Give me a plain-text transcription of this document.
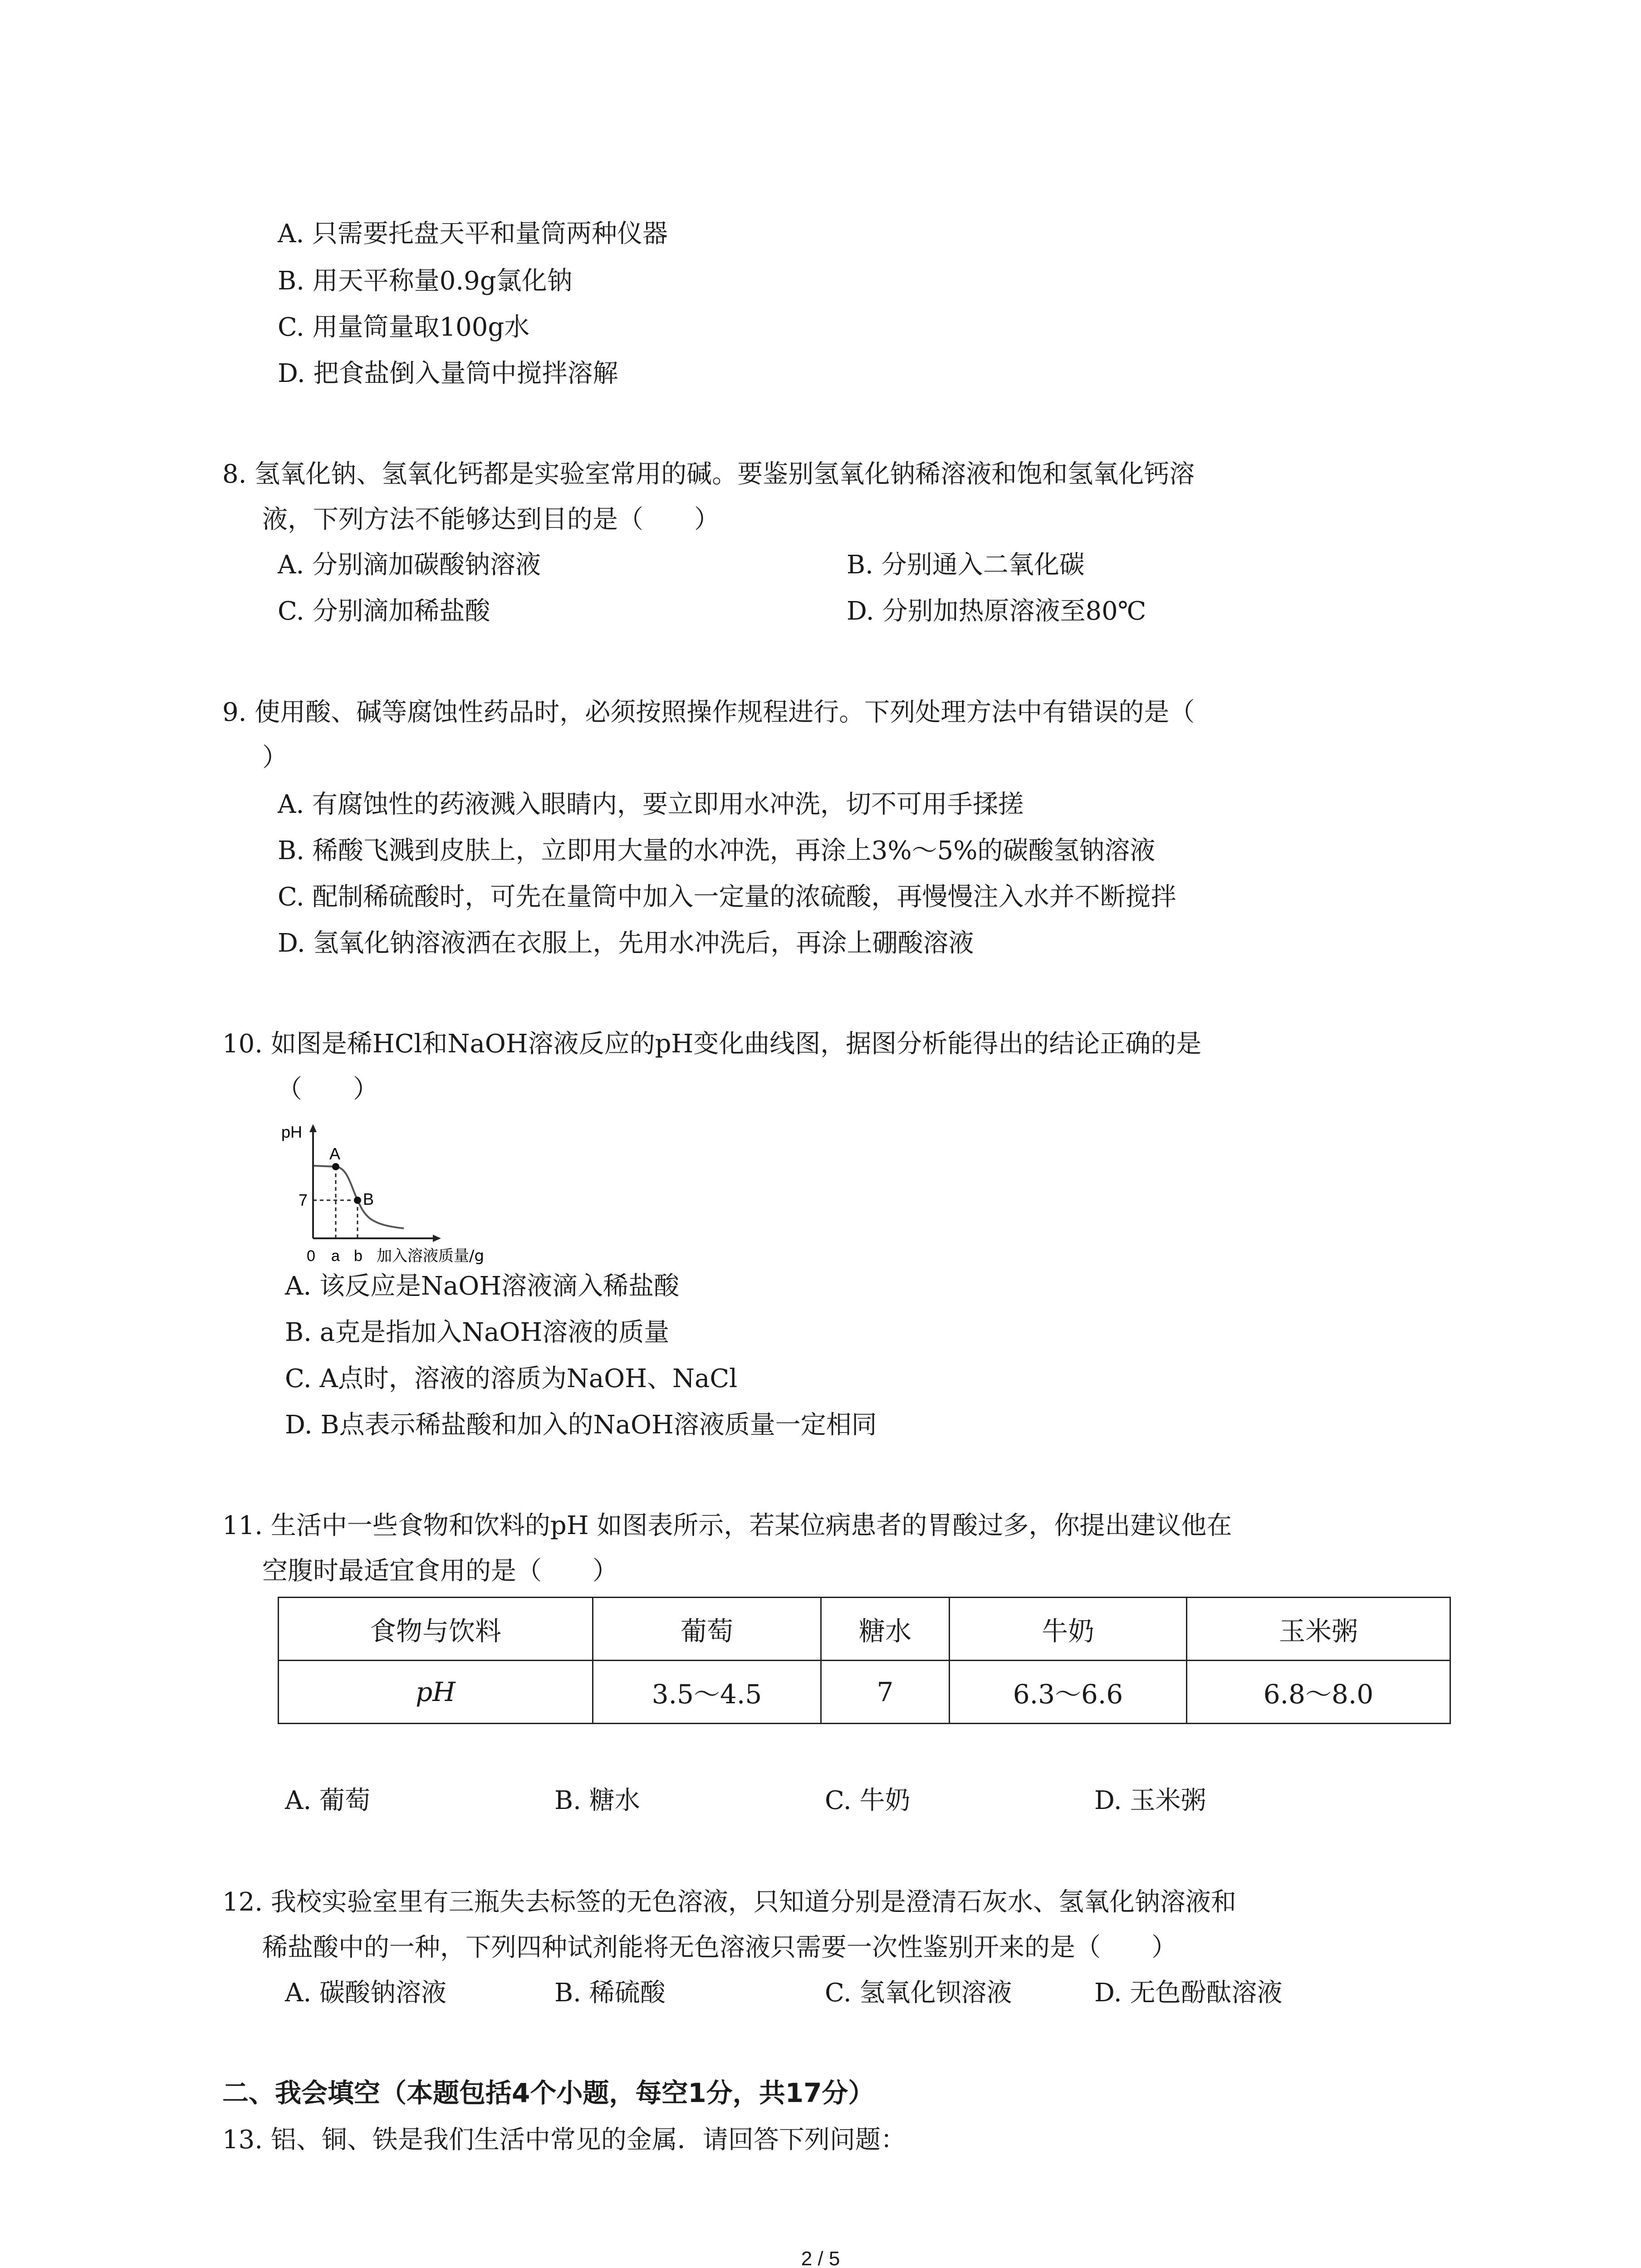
A. 只需要托盘天平和量筒两种仪器
B. 用天平称量0.9g氯化钠
C. 用量筒量取100g水
D. 把食盐倒入量筒中搅拌溶解
8. 氢氧化钠、氢氧化钙都是实验室常用的碱。要鉴别氢氧化钠稀溶液和饱和氢氧化钙溶
液，下列方法不能够达到目的是（　　）
A. 分别滴加碳酸钠溶液	B. 分别通入二氧化碳
C. 分别滴加稀盐酸	D. 分别加热原溶液至80℃
9. 使用酸、碱等腐蚀性药品时，必须按照操作规程进行。下列处理方法中有错误的是（
）
A. 有腐蚀性的药液溅入眼睛内，要立即用水冲洗，切不可用手揉搓
B. 稀酸飞溅到皮肤上，立即用大量的水冲洗，再涂上3%～5%的碳酸氢钠溶液
C. 配制稀硫酸时，可先在量筒中加入一定量的浓硫酸，再慢慢注入水并不断搅拌
D. 氢氧化钠溶液洒在衣服上，先用水冲洗后，再涂上硼酸溶液
10. 如图是稀HCl和NaOH溶液反应的pH变化曲线图，据图分析能得出的结论正确的是
（　　）
pH
A
B
7
0 a b 加入溶液质量/g
A. 该反应是NaOH溶液滴入稀盐酸
B. a克是指加入NaOH溶液的质量
C. A点时，溶液的溶质为NaOH、NaCl
D. B点表示稀盐酸和加入的NaOH溶液质量一定相同
11. 生活中一些食物和饮料的pH 如图表所示，若某位病患者的胃酸过多，你提出建议他在
空腹时最适宜食用的是（　　）
食物与饮料	葡萄	糖水	牛奶	玉米粥
pH	3.5～4.5	7	6.3～6.6	6.8～8.0
A. 葡萄	B. 糖水	C. 牛奶	D. 玉米粥
12. 我校实验室里有三瓶失去标签的无色溶液，只知道分别是澄清石灰水、氢氧化钠溶液和
稀盐酸中的一种，下列四种试剂能将无色溶液只需要一次性鉴别开来的是（　　）
A. 碳酸钠溶液	B. 稀硫酸	C. 氢氧化钡溶液	D. 无色酚酞溶液
二、我会填空（本题包括4个小题，每空1分，共17分）
13. 铝、铜、铁是我们生活中常见的金属．请回答下列问题：
2 / 5
